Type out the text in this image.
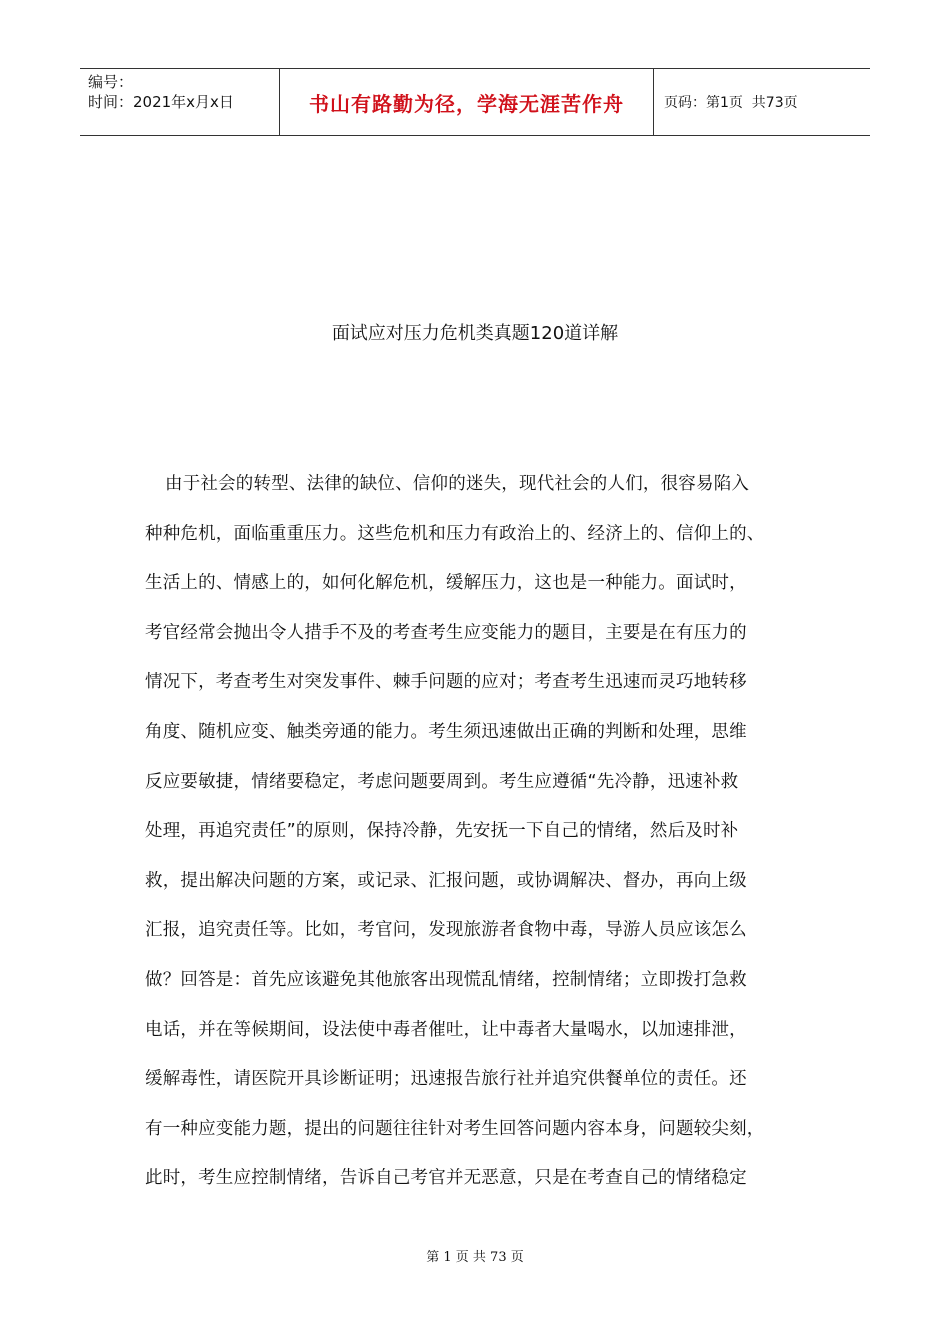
编号：
时间：2021年x月x日	书山有路勤为径，学海无涯苦作舟	页码：第1页  共73页
面试应对压力危机类真题120道详解
由于社会的转型、法律的缺位、信仰的迷失，现代社会的人们，很容易陷入
种种危机，面临重重压力。这些危机和压力有政治上的、经济上的、信仰上的、
生活上的、情感上的，如何化解危机，缓解压力，这也是一种能力。面试时，
考官经常会抛出令人措手不及的考查考生应变能力的题目，主要是在有压力的
情况下，考查考生对突发事件、棘手问题的应对；考查考生迅速而灵巧地转移
角度、随机应变、触类旁通的能力。考生须迅速做出正确的判断和处理，思维
反应要敏捷，情绪要稳定，考虑问题要周到。考生应遵循“先冷静，迅速补救
处理，再追究责任”的原则，保持冷静，先安抚一下自己的情绪，然后及时补
救，提出解决问题的方案，或记录、汇报问题，或协调解决、督办，再向上级
汇报，追究责任等。比如，考官问，发现旅游者食物中毒，导游人员应该怎么
做？回答是：首先应该避免其他旅客出现慌乱情绪，控制情绪；立即拨打急救
电话，并在等候期间，设法使中毒者催吐，让中毒者大量喝水，以加速排泄，
缓解毒性，请医院开具诊断证明；迅速报告旅行社并追究供餐单位的责任。还
有一种应变能力题，提出的问题往往针对考生回答问题内容本身，问题较尖刻，
此时，考生应控制情绪，告诉自己考官并无恶意，只是在考查自己的情绪稳定
第 1 页 共 73 页
